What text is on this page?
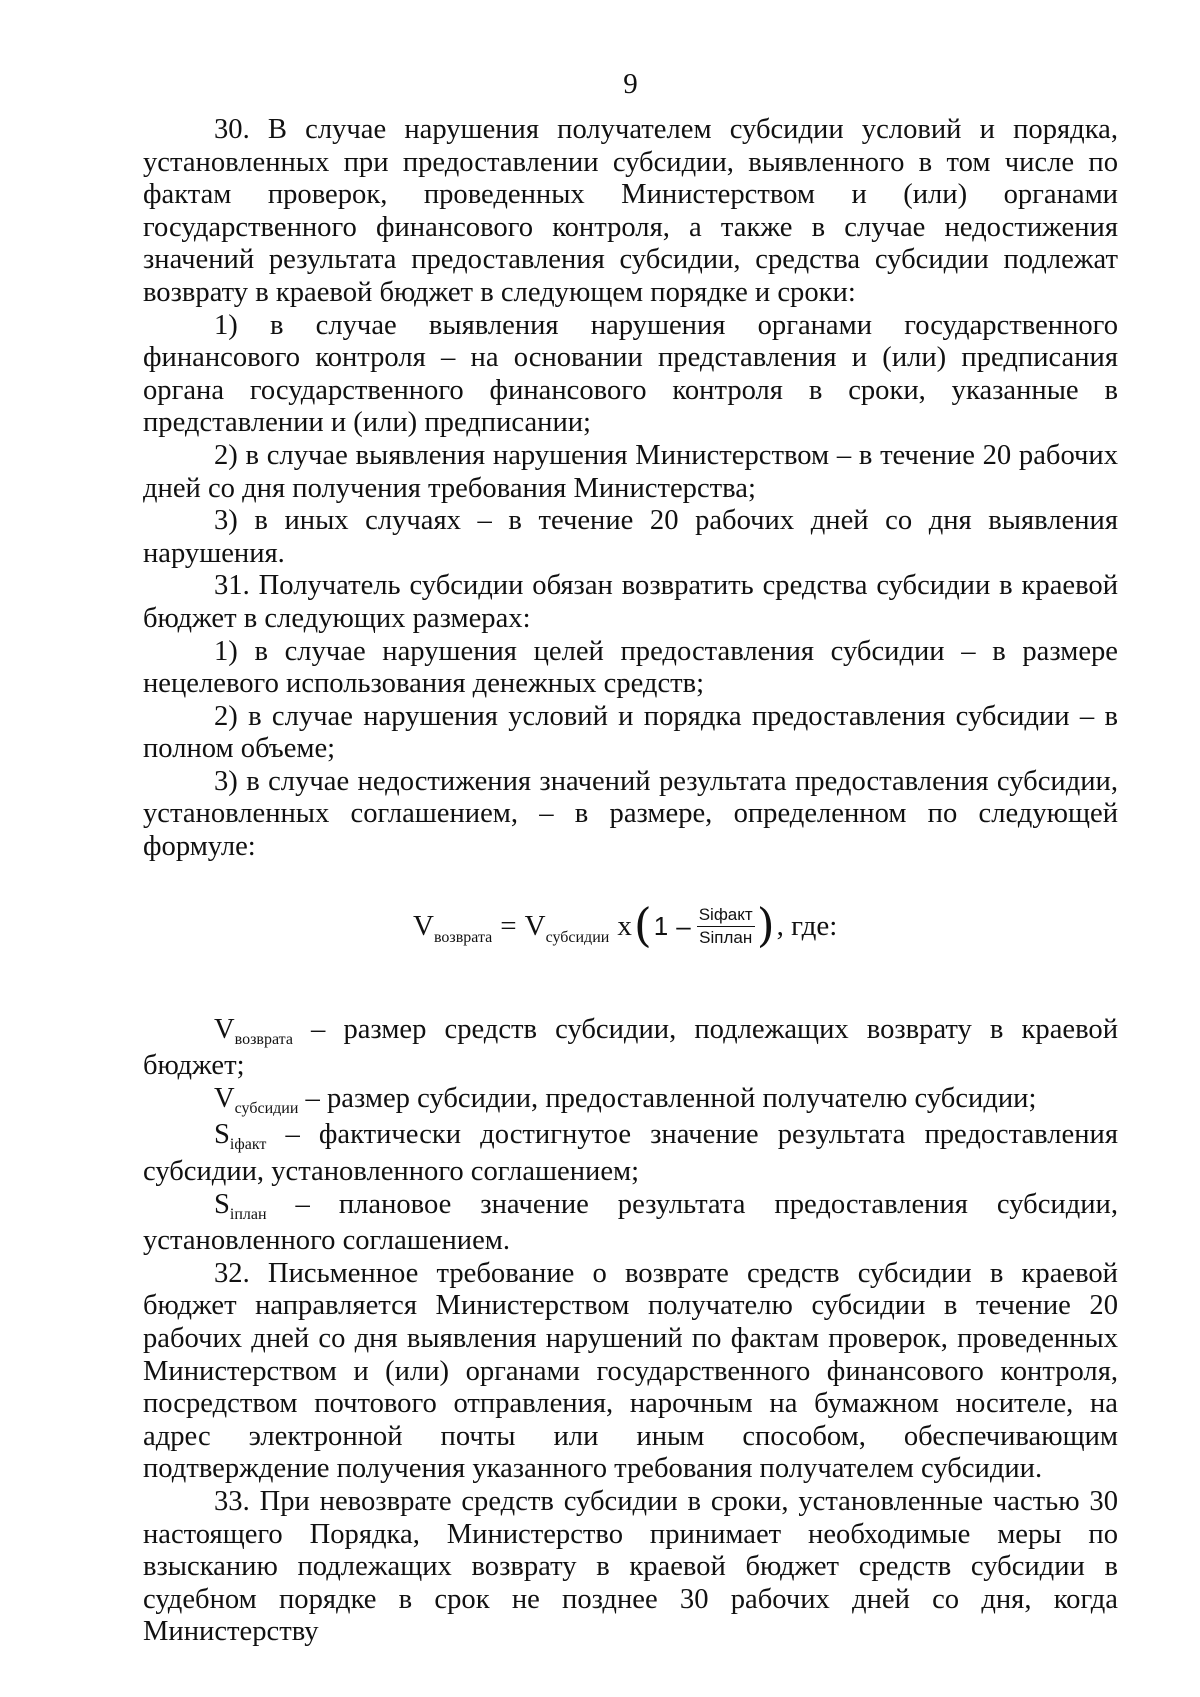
9

30. В случае нарушения получателем субсидии условий и порядка, установленных при предоставлении субсидии, выявленного в том числе по фактам проверок, проведенных Министерством и (или) органами государственного финансового контроля, а также в случае недостижения значений результата предоставления субсидии, средства субсидии подлежат возврату в краевой бюджет в следующем порядке и сроки:

1) в случае выявления нарушения органами государственного финансового контроля – на основании представления и (или) предписания органа государственного финансового контроля в сроки, указанные в представлении и (или) предписании;

2) в случае выявления нарушения Министерством – в течение 20 рабочих дней со дня получения требования Министерства;

3) в иных случаях – в течение 20 рабочих дней со дня выявления нарушения.

31. Получатель субсидии обязан возвратить средства субсидии в краевой бюджет в следующих размерах:

1) в случае нарушения целей предоставления субсидии – в размере нецелевого использования денежных средств;

2) в случае нарушения условий и порядка предоставления субсидии – в полном объеме;

3) в случае недостижения значений результата предоставления субсидии, установленных соглашением, – в размере, определенном по следующей формуле:

$V_{возврата} = V_{субсидии}$ x ( $1 - \frac{\text{Siфакт}}{\text{Siплан}}$ ) , где:

$V_{возврата}$ – размер средств субсидии, подлежащих возврату в краевой бюджет;

$V_{субсидии}$ – размер субсидии, предоставленной получателю субсидии;

$S_{iфакт}$ – фактически достигнутое значение результата предоставления субсидии, установленного соглашением;

$S_{iплан}$ – плановое значение результата предоставления субсидии, установленного соглашением.

32. Письменное требование о возврате средств субсидии в краевой бюджет направляется Министерством получателю субсидии в течение 20 рабочих дней со дня выявления нарушений по фактам проверок, проведенных Министерством и (или) органами государственного финансового контроля, посредством почтового отправления, нарочным на бумажном носителе, на адрес электронной почты или иным способом, обеспечивающим подтверждение получения указанного требования получателем субсидии.

33. При невозврате средств субсидии в сроки, установленные частью 30 настоящего Порядка, Министерство принимает необходимые меры по взысканию подлежащих возврату в краевой бюджет средств субсидии в судебном порядке в срок не позднее 30 рабочих дней со дня, когда Министерству
